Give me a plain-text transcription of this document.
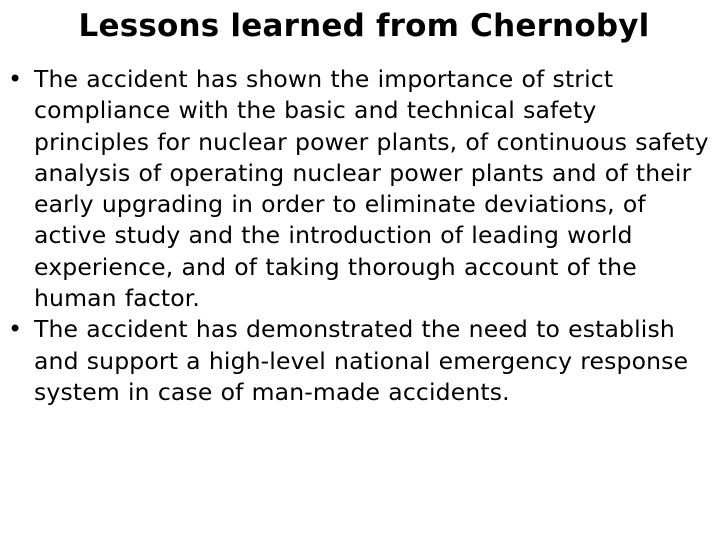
Lessons learned from Chernobyl
• The accident has shown the importance of strict compliance with the basic and technical safety principles for nuclear power plants, of continuous safety analysis of operating nuclear power plants and of their early upgrading in order to eliminate deviations, of active study and the introduction of leading world experience, and of taking thorough account of the human factor.
• The accident has demonstrated the need to establish and support a high-level national emergency response system in case of man-made accidents.
